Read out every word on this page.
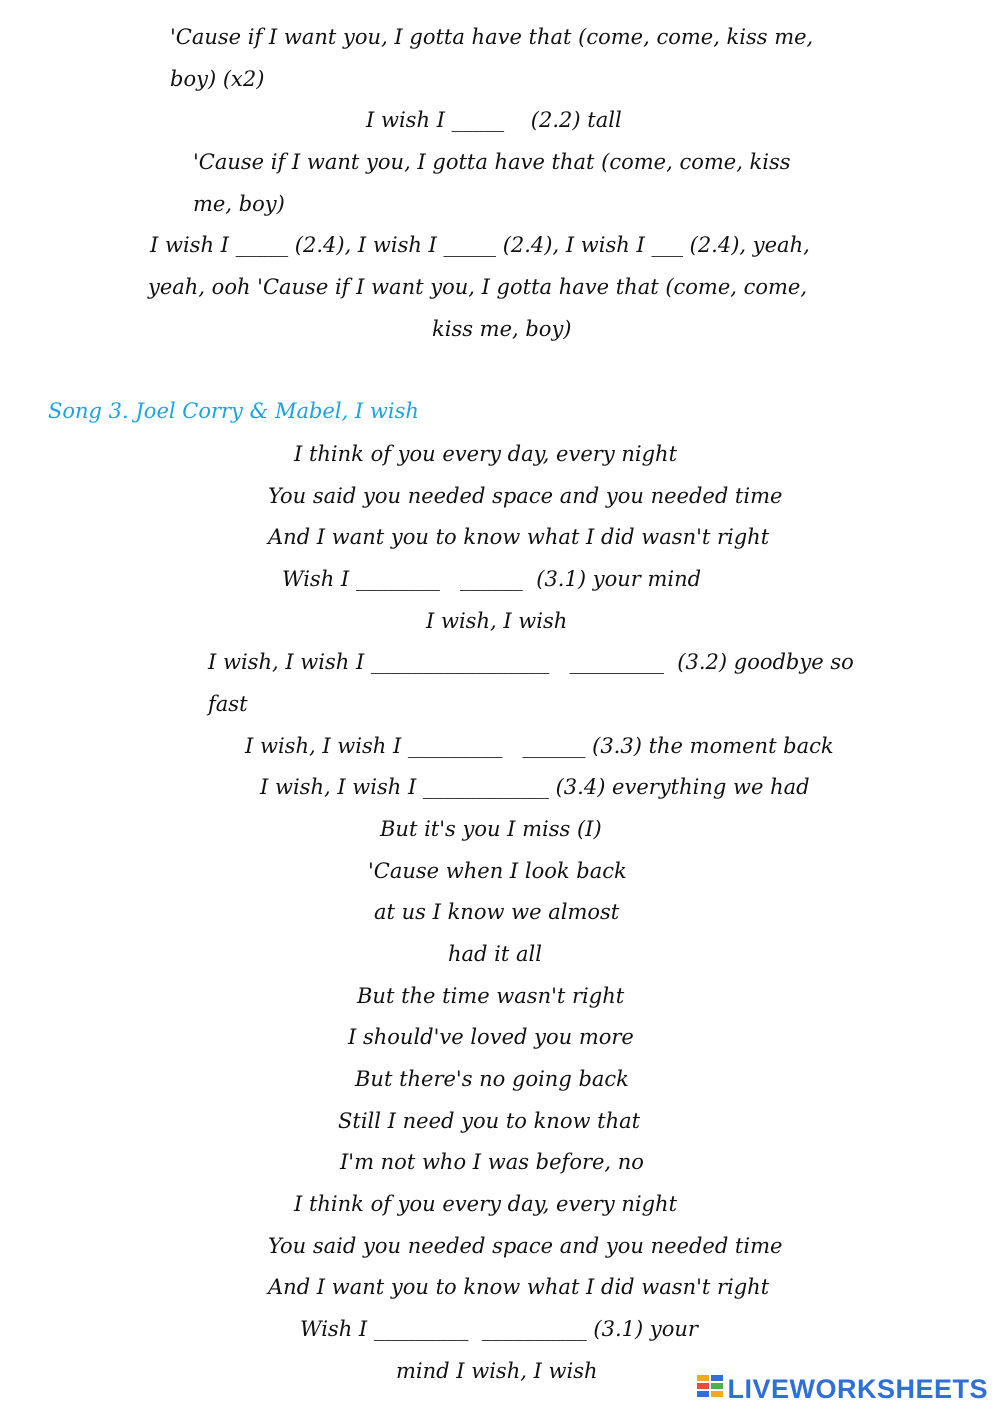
'Cause if I want you, I gotta have that (come, come, kiss me,
boy) (x2)
I wish I _____    (2.2) tall
'Cause if I want you, I gotta have that (come, come, kiss
me, boy)
I wish I _____ (2.4), I wish I _____ (2.4), I wish I ___ (2.4), yeah,
yeah, ooh 'Cause if I want you, I gotta have that (come, come,
kiss me, boy)
Song 3. Joel Corry & Mabel, I wish
I think of you every day, every night
You said you needed space and you needed time
And I want you to know what I did wasn't right
Wish I ________   ______  (3.1) your mind
I wish, I wish
I wish, I wish I _________________   _________  (3.2) goodbye so
fast
I wish, I wish I _________   ______ (3.3) the moment back
I wish, I wish I ____________ (3.4) everything we had
But it's you I miss (I)
'Cause when I look back
at us I know we almost
had it all
But the time wasn't right
I should've loved you more
But there's no going back
Still I need you to know that
I'm not who I was before, no
I think of you every day, every night
You said you needed space and you needed time
And I want you to know what I did wasn't right
Wish I _________  __________ (3.1) your
mind I wish, I wish
LIVEWORKSHEETS
